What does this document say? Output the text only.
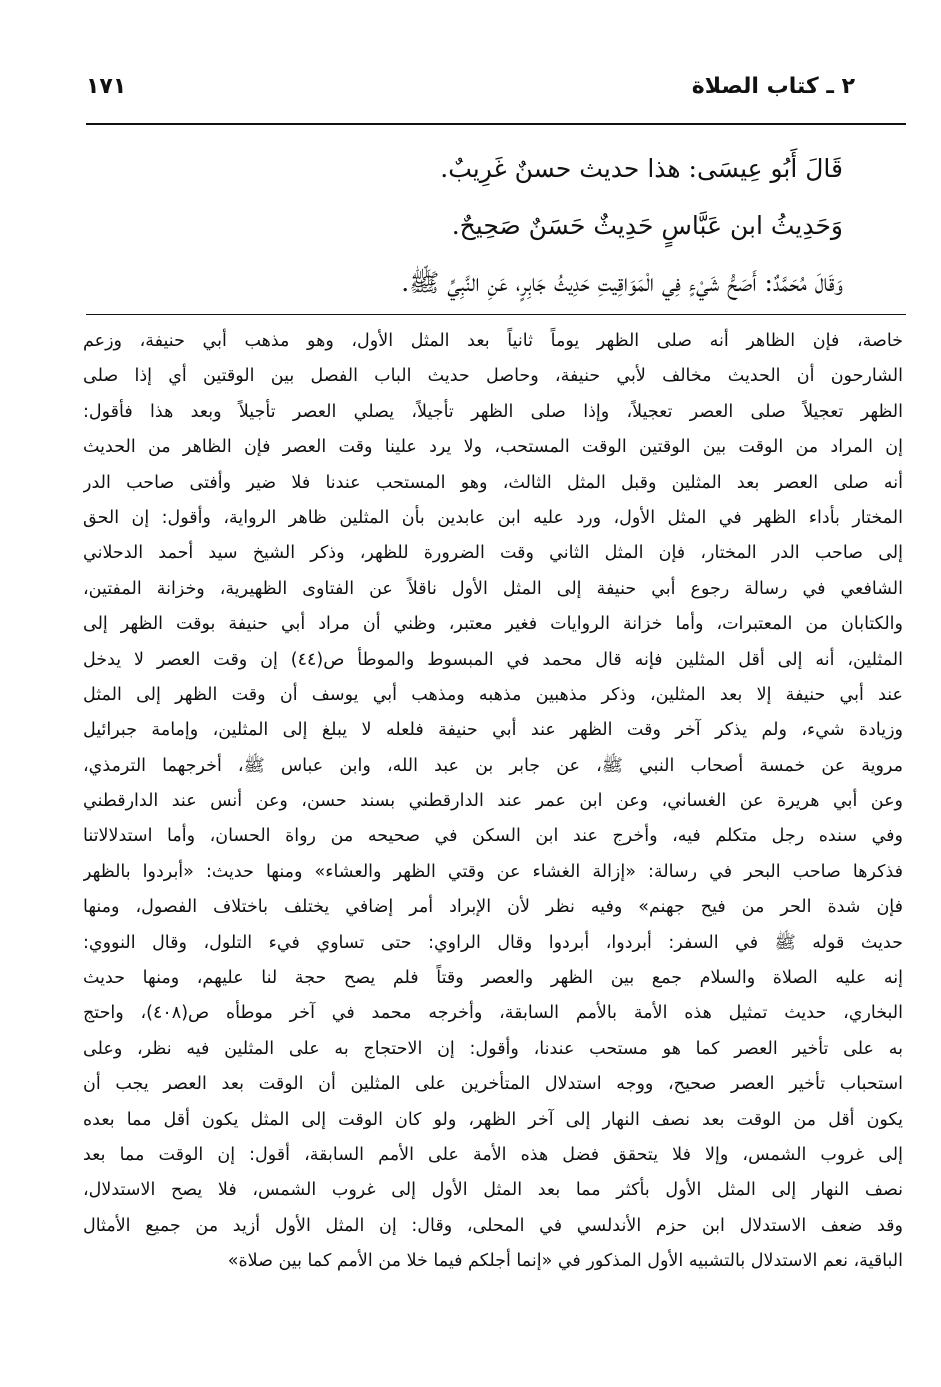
٢ ـ كتاب الصلاة
١٧١
قَالَ أَبُو عِيسَى: هذا حديث حسنٌ غَرِيبٌ.
وَحَدِيثُ ابن عَبَّاسٍ حَدِيثٌ حَسَنٌ صَحِيحٌ.
وَقَالَ مُحَمَّدٌ: أَصَحُّ شَيْءٍ فِي الْمَوَاقِيتِ حَدِيثُ جَابِرٍ، عَنِ النَّبِيِّ ﷺ.
خاصة، فإن الظاهر أنه صلى الظهر يوماً ثانياً بعد المثل الأول، وهو مذهب أبي حنيفة، وزعم
الشارحون أن الحديث مخالف لأبي حنيفة، وحاصل حديث الباب الفصل بين الوقتين أي إذا صلى
الظهر تعجيلاً صلى العصر تعجيلاً، وإذا صلى الظهر تأجيلاً، يصلي العصر تأجيلاً وبعد هذا فأقول:
إن المراد من الوقت بين الوقتين الوقت المستحب، ولا يرد علينا وقت العصر فإن الظاهر من الحديث
أنه صلى العصر بعد المثلين وقبل المثل الثالث، وهو المستحب عندنا فلا ضير وأفتى صاحب الدر
المختار بأداء الظهر في المثل الأول، ورد عليه ابن عابدين بأن المثلين ظاهر الرواية، وأقول: إن الحق
إلى صاحب الدر المختار، فإن المثل الثاني وقت الضرورة للظهر، وذكر الشيخ سيد أحمد الدحلاني
الشافعي في رسالة رجوع أبي حنيفة إلى المثل الأول ناقلاً عن الفتاوى الظهيرية، وخزانة المفتين،
والكتابان من المعتبرات، وأما خزانة الروايات فغير معتبر، وظني أن مراد أبي حنيفة بوقت الظهر إلى
المثلين، أنه إلى أقل المثلين فإنه قال محمد في المبسوط والموطأ ص(٤٤) إن وقت العصر لا يدخل
عند أبي حنيفة إلا بعد المثلين، وذكر مذهبين مذهبه ومذهب أبي يوسف أن وقت الظهر إلى المثل
وزيادة شيء، ولم يذكر آخر وقت الظهر عند أبي حنيفة فلعله لا يبلغ إلى المثلين، وإمامة جبرائيل
مروية عن خمسة أصحاب النبي ﷺ، عن جابر بن عبد الله، وابن عباس ﷺ، أخرجهما الترمذي،
وعن أبي هريرة عن الغساني، وعن ابن عمر عند الدارقطني بسند حسن، وعن أنس عند الدارقطني
وفي سنده رجل متكلم فيه، وأخرج عند ابن السكن في صحيحه من رواة الحسان، وأما استدلالاتنا
فذكرها صاحب البحر في رسالة: «إزالة الغشاء عن وقتي الظهر والعشاء» ومنها حديث: «أبردوا بالظهر
فإن شدة الحر من فيح جهنم» وفيه نظر لأن الإبراد أمر إضافي يختلف باختلاف الفصول، ومنها
حديث قوله ﷺ في السفر: أبردوا، أبردوا وقال الراوي: حتى تساوي فيء التلول، وقال النووي:
إنه عليه الصلاة والسلام جمع بين الظهر والعصر وقتاً فلم يصح حجة لنا عليهم، ومنها حديث
البخاري، حديث تمثيل هذه الأمة بالأمم السابقة، وأخرجه محمد في آخر موطأه ص(٤٠٨)، واحتج
به على تأخير العصر كما هو مستحب عندنا، وأقول: إن الاحتجاج به على المثلين فيه نظر، وعلى
استحباب تأخير العصر صحيح، ووجه استدلال المتأخرين على المثلين أن الوقت بعد العصر يجب أن
يكون أقل من الوقت بعد نصف النهار إلى آخر الظهر، ولو كان الوقت إلى المثل يكون أقل مما بعده
إلى غروب الشمس، وإلا فلا يتحقق فضل هذه الأمة على الأمم السابقة، أقول: إن الوقت مما بعد
نصف النهار إلى المثل الأول بأكثر مما بعد المثل الأول إلى غروب الشمس، فلا يصح الاستدلال،
وقد ضعف الاستدلال ابن حزم الأندلسي في المحلى، وقال: إن المثل الأول أزيد من جميع الأمثال
الباقية، نعم الاستدلال بالتشبيه الأول المذكور في «إنما أجلكم فيما خلا من الأمم كما بين صلاة»
